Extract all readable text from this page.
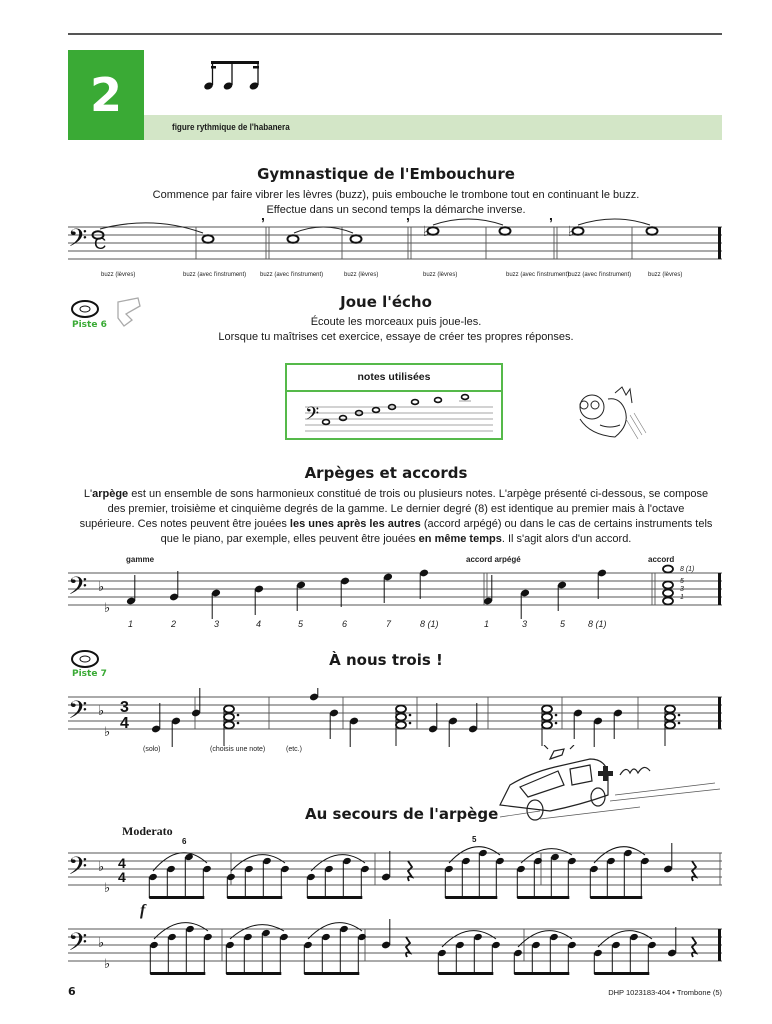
2
figure rythmique de l'habanera
Gymnastique de l'Embouchure
Commence par faire vibrer les lèvres (buzz), puis embouche le trombone tout en continuant le buzz.
Effectue dans un second temps la démarche inverse.
𝄢 C
♭	♭
buzz (lèvres)	buzz (avec l'instrument) buzz (avec l'instrument)	buzz (lèvres)	buzz (lèvres)	buzz (avec l'instrument)
buzz (avec l'instrument)	buzz (lèvres)
Piste 6
Joue l'écho
Écoute les morceaux puis joue-les.
Lorsque tu maîtrises cet exercice, essaye de créer tes propres réponses.
notes utilisées
𝄢
Arpèges et accords
L'arpège est un ensemble de sons harmonieux constitué de trois ou plusieurs notes. L'arpège présenté ci-dessous, se compose
des premier, troisième et cinquième degrés de la gamme. Le dernier degré (8) est identique au premier mais à l'octave
supérieure. Ces notes peuvent être jouées les unes après les autres (accord arpégé) ou dans le cas de certains instruments tels
que le piano, par exemple, elles peuvent être jouées en même temps. Il s'agit alors d'un accord.
gamme	accord arpégé	accord
𝄢 ♭
♭
8 (1)
5
3
1
1	2	3	4	5	6	7	8 (1)	1	3	5	8 (1)
Piste 7
À nous trois !
𝄢 ♭
♭
3
4
(solo)	(choisis une note)	(etc.)
Au secours de l'arpège
Moderato
6	5
𝄢 ♭
♭
4
4
f
𝄢 ♭
♭
6	DHP 1023183-404 • Trombone (5)
